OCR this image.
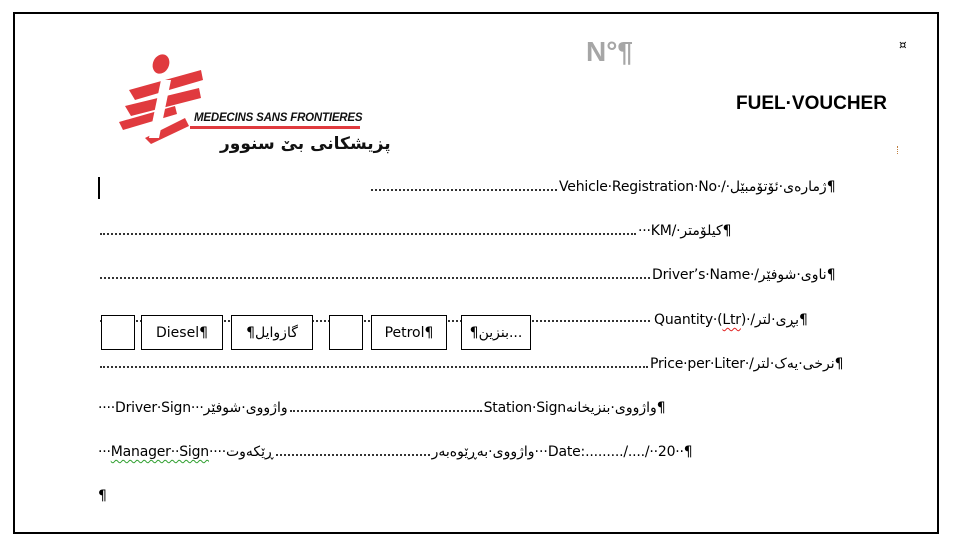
MEDECINS SANS FRONTIERES
پزیشکانی بێ سنوور
N°¶	¤
FUEL·VOUCHER
Vehicle·Registration·No·/·ژمارەی·ئۆتۆمبێل¶
···KM/·کیلۆمتر¶
Driver’s·Name·/ناوی·شوفێر¶
Diesel¶	گازوایل¶	Petrol¶	...بنزین¶
Quantity·(Ltr)·/بڕی·لتر¶
Price·per·Liter·/نرخی·یەک·لتر¶
····Driver·Sign···واژووی·شوفێر	Station·Signواژووی·بنزیخانە¶
···Manager··Sign····	واژووی·بەڕێوەبەرڕێکەوت	···Date:........./..../··20··¶
¶
